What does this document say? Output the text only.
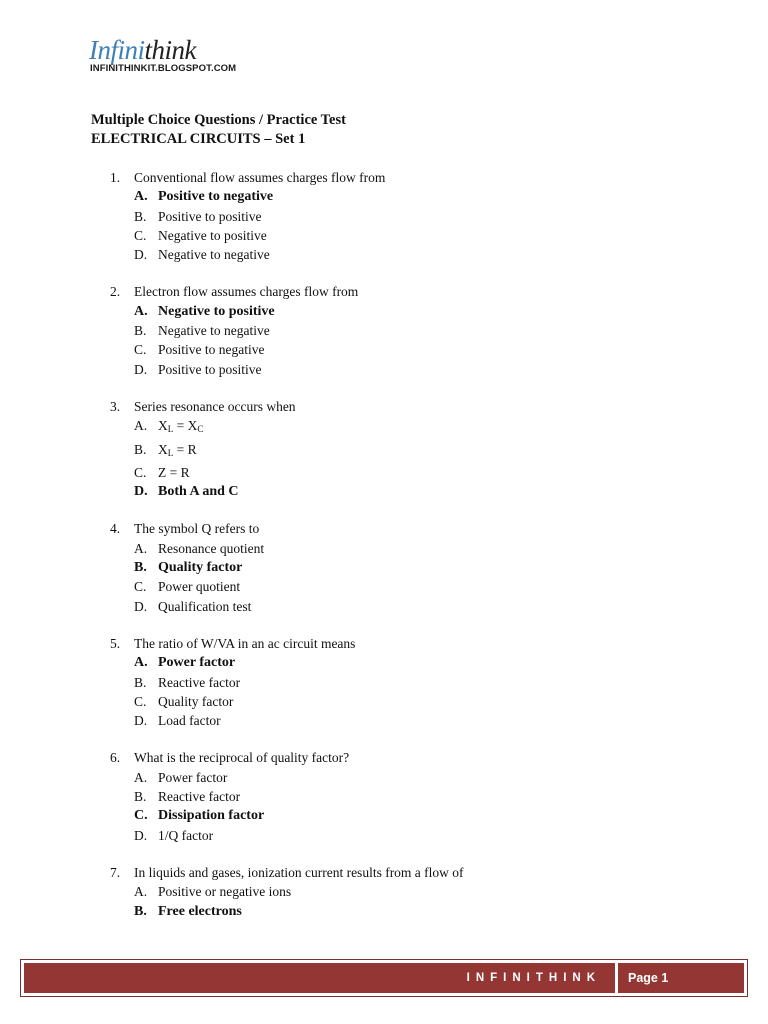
Infinithink
INFINITHINKIT.BLOGSPOT.COM
Multiple Choice Questions / Practice Test
ELECTRICAL CIRCUITS – Set 1
1.	Conventional flow assumes charges flow from
A. Positive to negative
B. Positive to positive
C. Negative to positive
D. Negative to negative
2.	Electron flow assumes charges flow from
A. Negative to positive
B. Negative to negative
C. Positive to negative
D. Positive to positive
3.	Series resonance occurs when
A. $X_L = X_C$
B. $X_L = R$
C. Z = R
D. Both A and C
4.	The symbol Q refers to
A. Resonance quotient
B. Quality factor
C. Power quotient
D. Qualification test
5.	The ratio of W/VA in an ac circuit means
A. Power factor
B. Reactive factor
C. Quality factor
D. Load factor
6.	What is the reciprocal of quality factor?
A. Power factor
B. Reactive factor
C. Dissipation factor
D. 1/Q factor
7.	In liquids and gases, ionization current results from a flow of
A. Positive or negative ions
B. Free electrons
INFINITHINK	Page 1
